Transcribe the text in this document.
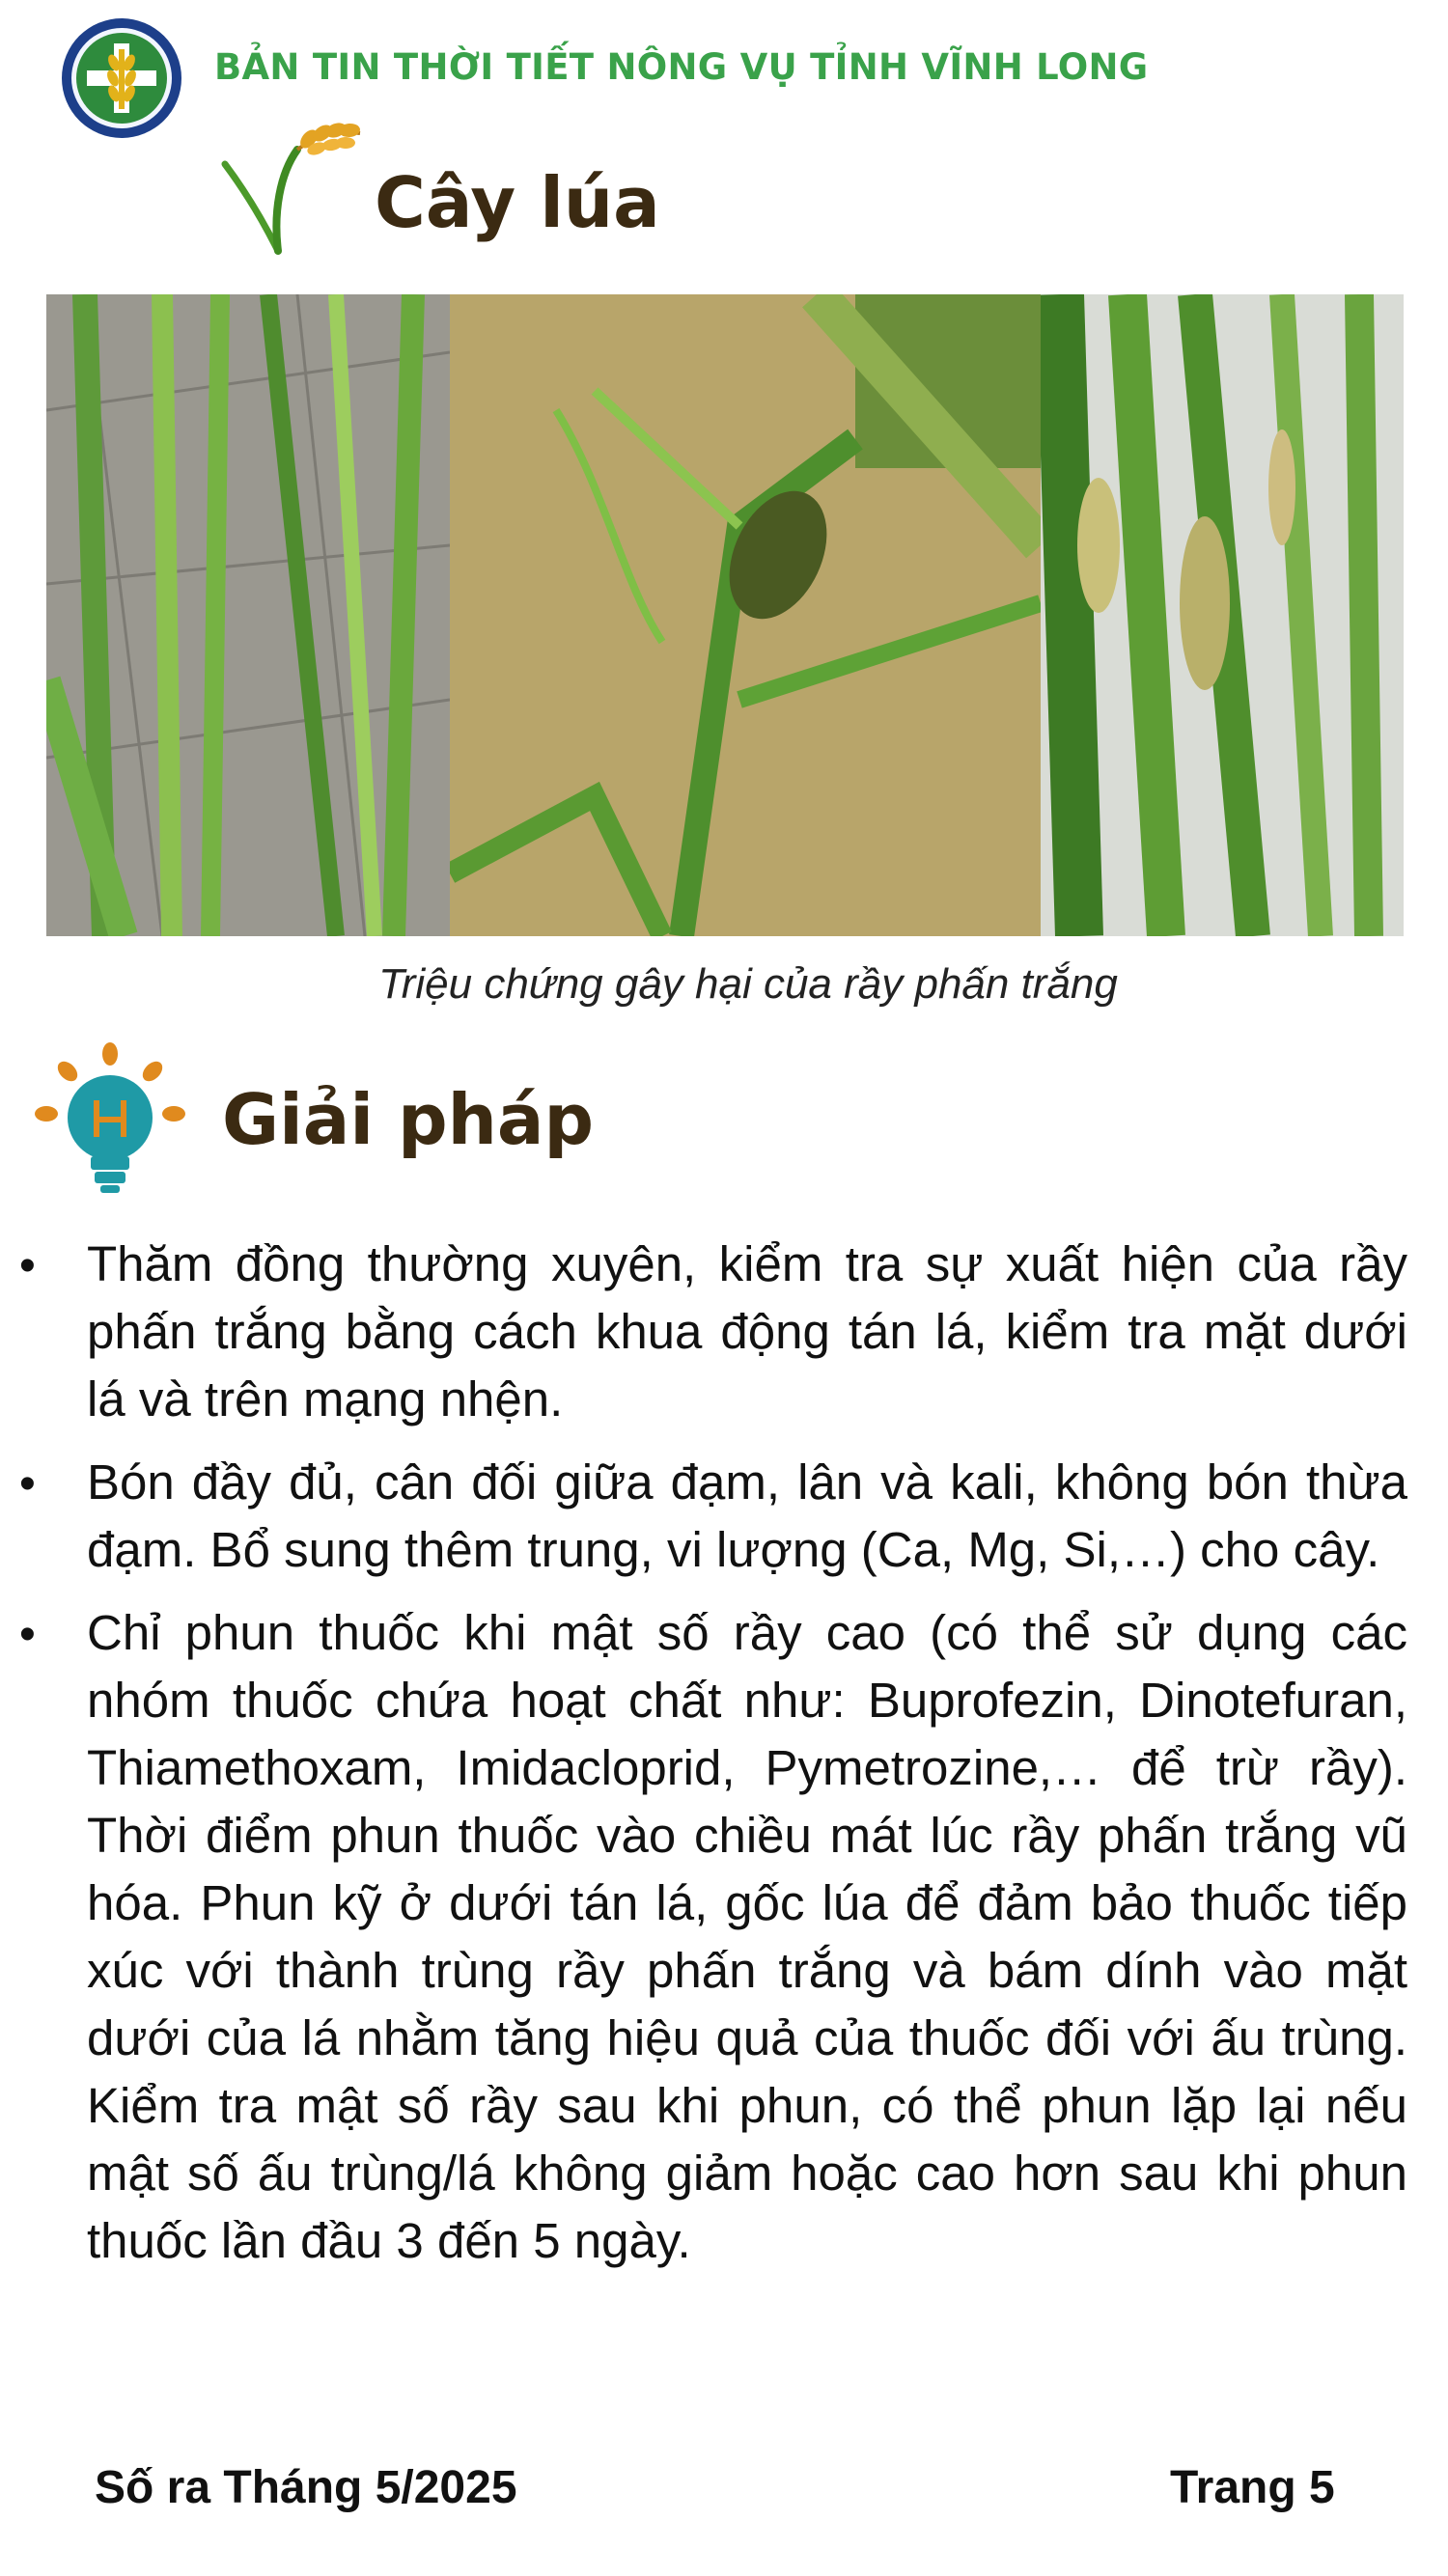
BẢN TIN THỜI TIẾT NÔNG VỤ TỈNH VĨNH LONG
Cây lúa
Triệu chứng gây hại của rầy phấn trắng
Giải pháp
• Thăm đồng thường xuyên, kiểm tra sự xuất hiện của rầy phấn trắng bằng cách khua động tán lá, kiểm tra mặt dưới lá và trên mạng nhện.
• Bón đầy đủ, cân đối giữa đạm, lân và kali, không bón thừa đạm. Bổ sung thêm trung, vi lượng (Ca, Mg, Si,…) cho cây.
• Chỉ phun thuốc khi mật số rầy cao (có thể sử dụng các nhóm thuốc chứa hoạt chất như: Buprofezin, Dinotefuran, Thiamethoxam, Imidacloprid, Pymetrozine,… để trừ rầy). Thời điểm phun thuốc vào chiều mát lúc rầy phấn trắng vũ hóa. Phun kỹ ở dưới tán lá, gốc lúa để đảm bảo thuốc tiếp xúc với thành trùng rầy phấn trắng và bám dính vào mặt dưới của lá nhằm tăng hiệu quả của thuốc đối với ấu trùng. Kiểm tra mật số rầy sau khi phun, có thể phun lặp lại nếu mật số ấu trùng/lá không giảm hoặc cao hơn sau khi phun thuốc lần đầu 3 đến 5 ngày.
Số ra Tháng 5/2025	Trang 5
